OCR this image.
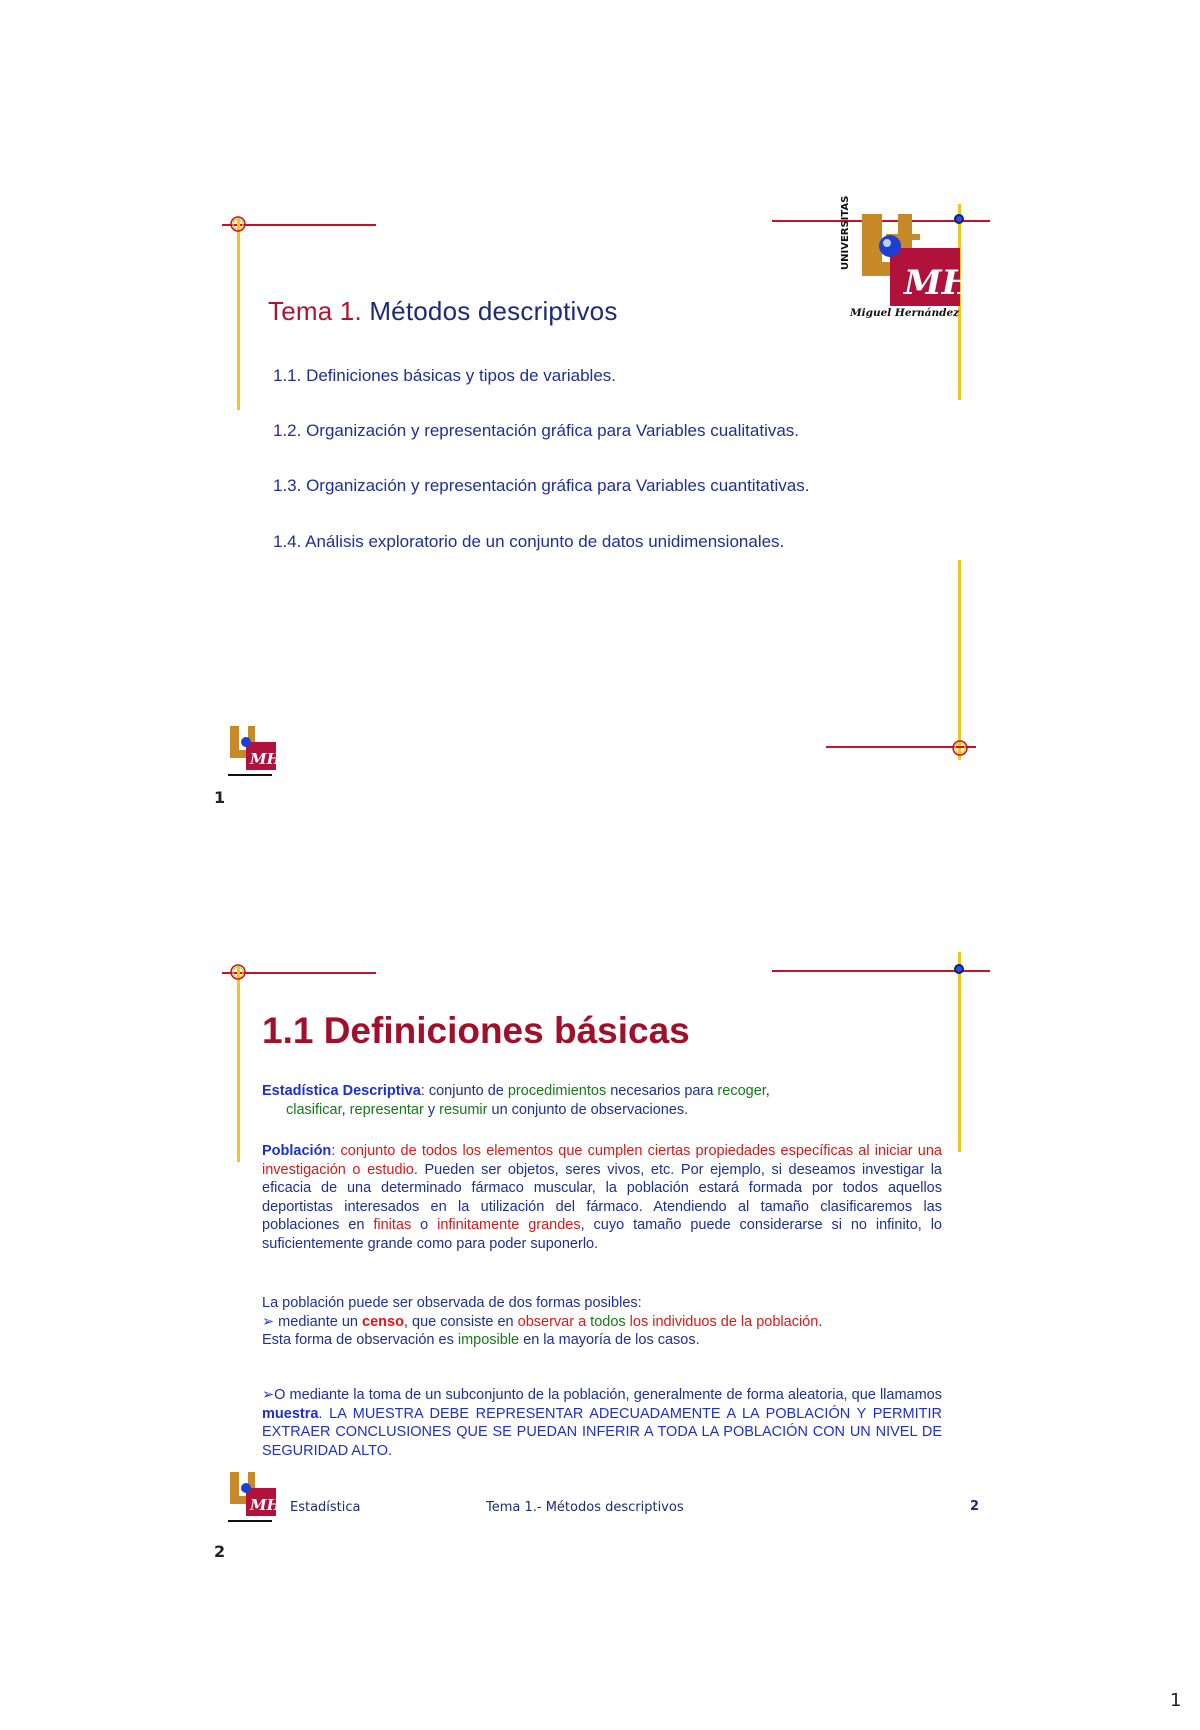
MH
UNIVERSITAS
Miguel Hernández
Tema 1. Métodos descriptivos
1.1. Definiciones básicas y tipos de variables.
1.2. Organización y representación gráfica para Variables cualitativas.
1.3. Organización y representación gráfica para Variables cuantitativas.
1.4. Análisis exploratorio de un conjunto de datos unidimensionales.
MH
1
1.1 Definiciones básicas
Estadística Descriptiva: conjunto de procedimientos necesarios para recoger,
clasificar, representar y resumir un conjunto de observaciones.
Población: conjunto de todos los elementos que cumplen ciertas propiedades específicas al iniciar una investigación o estudio. Pueden ser objetos, seres vivos, etc. Por ejemplo, si deseamos investigar la eficacia de una determinado fármaco muscular, la población estará formada por todos aquellos deportistas interesados en la utilización del fármaco. Atendiendo al tamaño clasificaremos las poblaciones en finitas o infinitamente grandes, cuyo tamaño puede considerarse si no infinito, lo suficientemente grande como para poder suponerlo.
La población puede ser observada de dos formas posibles:
➢ mediante un censo, que consiste en observar a todos los individuos de la población.
Esta forma de observación es imposible en la mayoría de los casos.
➢O mediante la toma de un subconjunto de la población, generalmente de forma aleatoria, que llamamos muestra. LA MUESTRA DEBE REPRESENTAR ADECUADAMENTE A LA POBLACIÓN Y PERMITIR EXTRAER CONCLUSIONES QUE SE PUEDAN INFERIR A TODA LA POBLACIÓN CON UN NIVEL DE SEGURIDAD ALTO.
MH Estadística	Tema 1.- Métodos descriptivos	2
2
1
